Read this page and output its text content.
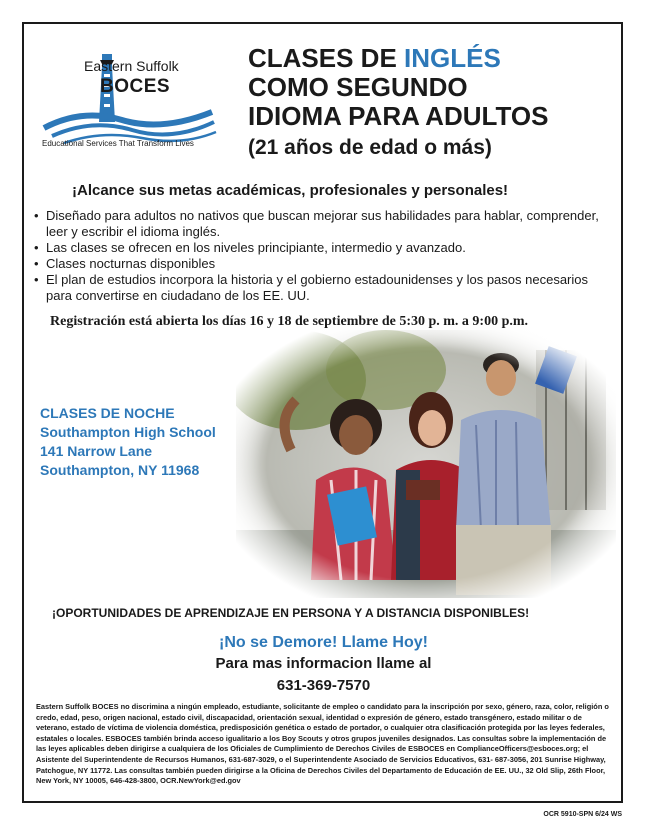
Eastern Suffolk
BOCES
Educational Services That Transform Lives
CLASES DE INGLÉS
COMO SEGUNDO
IDIOMA PARA ADULTOS
(21 años de edad o más)
¡Alcance sus metas académicas, profesionales y personales!
• Diseñado para adultos no nativos que buscan mejorar sus habilidades para hablar, comprender, leer y escribir el idioma inglés.
• Las clases se ofrecen en los niveles principiante, intermedio y avanzado.
• Clases nocturnas disponibles
• El plan de estudios incorpora la historia y el gobierno estadounidenses y los pasos necesarios para convertirse en ciudadano de los EE. UU.
Registración está abierta los días 16 y 18 de septiembre de 5:30 p. m. a 9:00 p.m.
CLASES DE NOCHE
Southampton High School
141 Narrow Lane
Southampton, NY 11968
¡OPORTUNIDADES DE APRENDIZAJE EN PERSONA Y A DISTANCIA DISPONIBLES!
¡No se Demore! Llame Hoy!
Para mas informacion llame al
631-369-7570
Eastern Suffolk BOCES no discrimina a ningún empleado, estudiante, solicitante de empleo o candidato para la inscripción por sexo, género, raza, color, religión o credo, edad, peso, origen nacional, estado civil, discapacidad, orientación sexual, identidad o expresión de género, estado transgénero, estado militar o de veterano, estado de víctima de violencia doméstica, predisposición genética o estado de portador, o cualquier otra clasificación protegida por las leyes federales, estatales o locales. ESBOCES también brinda acceso igualitario a los Boy Scouts y otros grupos juveniles designados. Las consultas sobre la implementación de las leyes aplicables deben dirigirse a cualquiera de los Oficiales de Cumplimiento de Derechos Civiles de ESBOCES en ComplianceOfficers@esboces.org; el Asistente del Superintendente de Recursos Humanos, 631-687-3029, o el Superintendente Asociado de Servicios Educativos, 631- 687-3056, 201 Sunrise Highway, Patchogue, NY 11772. Las consultas también pueden dirigirse a la Oficina de Derechos Civiles del Departamento de Educación de EE. UU., 32 Old Slip, 26th Floor, New York, NY 10005, 646-428-3800, OCR.NewYork@ed.gov
OCR 5910-SPN 6/24 WS
